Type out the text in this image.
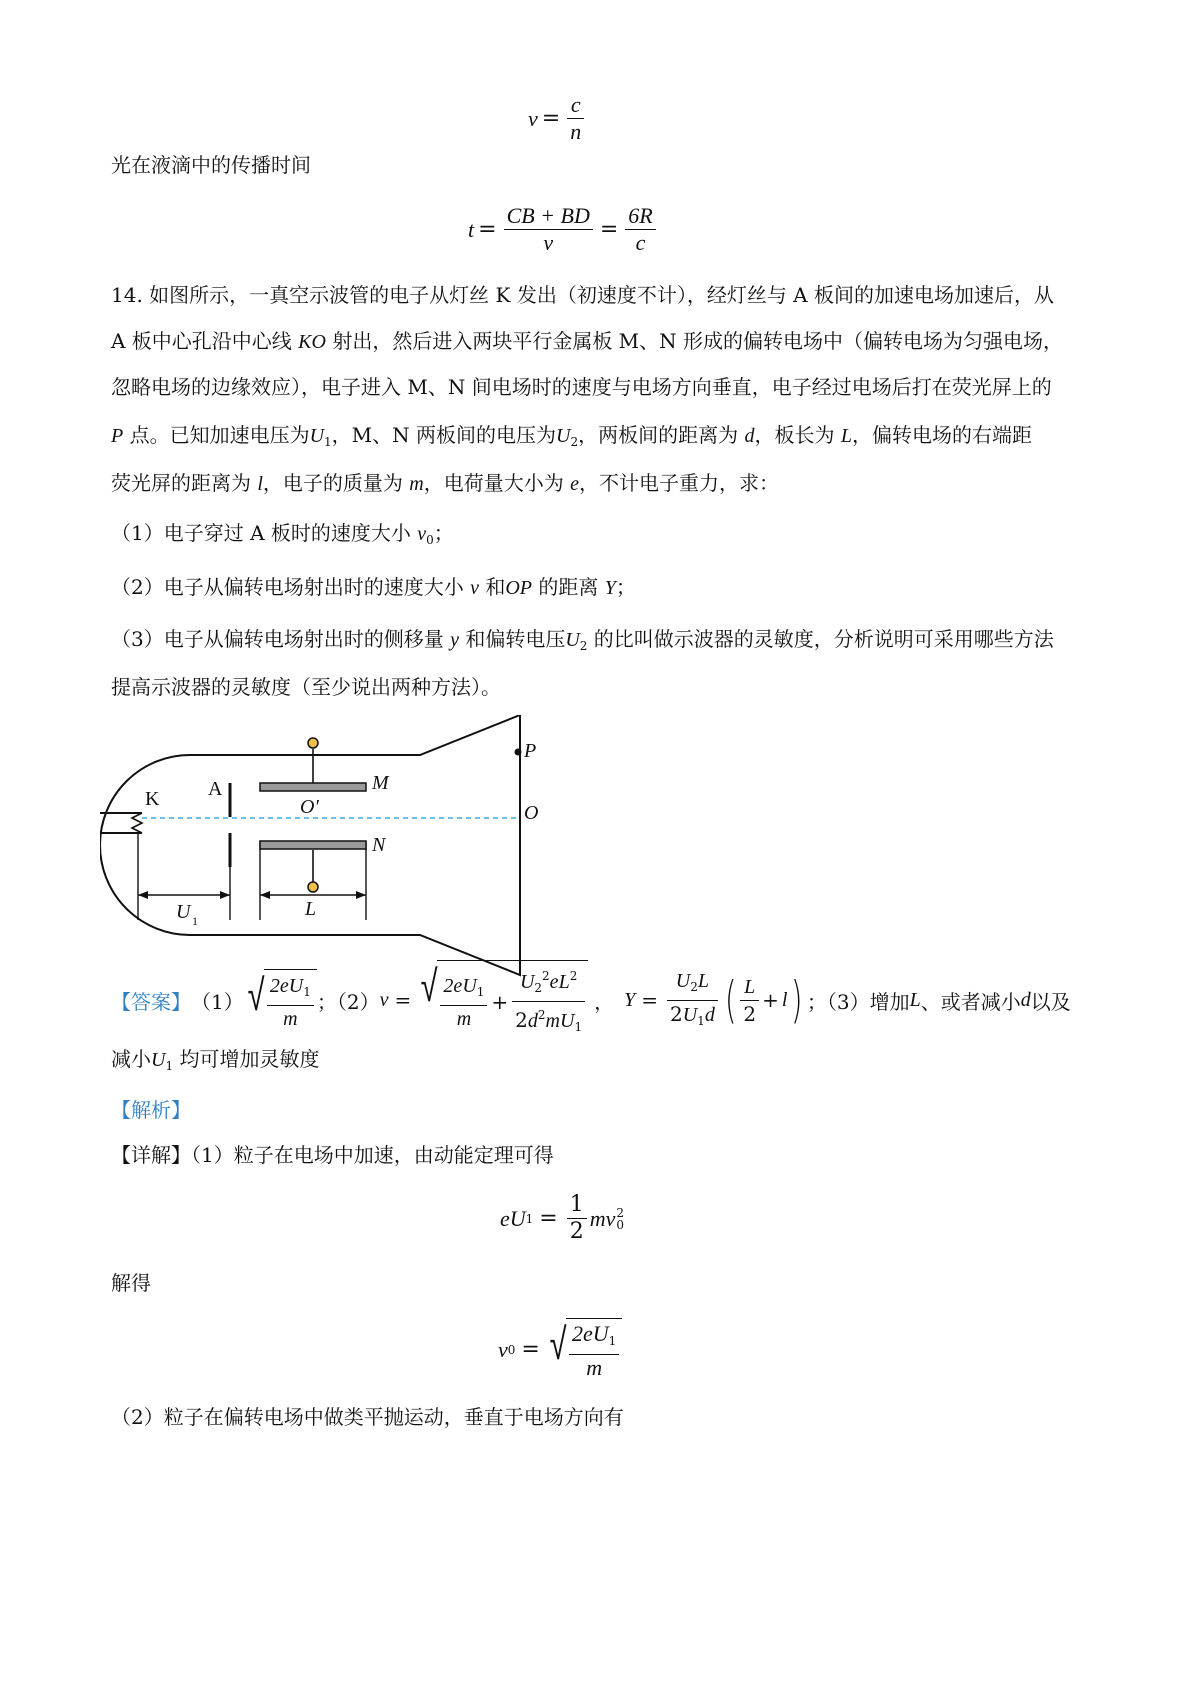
$v = \frac{c}{n}$
光在液滴中的传播时间
$t = \frac{CB + BD}{v} = \frac{6R}{c}$
14. 如图所示，一真空示波管的电子从灯丝 K 发出（初速度不计），经灯丝与 A 板间的加速电场加速后，从
A 板中心孔沿中心线 KO 射出，然后进入两块平行金属板 M、N 形成的偏转电场中（偏转电场为匀强电场，
忽略电场的边缘效应），电子进入 M、N 间电场时的速度与电场方向垂直，电子经过电场后打在荧光屏上的
P 点。已知加速电压为$U_1$，M、N 两板间的电压为$U_2$，两板间的距离为 d，板长为 L，偏转电场的右端距
荧光屏的距离为 l，电子的质量为 m，电荷量大小为 e，不计电子重力，求：
（1）电子穿过 A 板时的速度大小 $v_0$；
（2）电子从偏转电场射出时的速度大小 v 和OP 的距离 Y；
（3）电子从偏转电场射出时的侧移量 y 和偏转电压$U_2$ 的比叫做示波器的灵敏度，分析说明可采用哪些方法
提高示波器的灵敏度（至少说出两种方法）。
K A	M
N
O′	O
P
U 1
L
【答案】 （1） √ $\frac{2eU_1}{m}$ ；（2） v = √ $\frac{2eU_1}{m} + \frac{U_2^2eL^2}{2d^2mU_1}$ ， $Y = \frac{U_2L}{2U_1d}$ ( $\frac{L}{2} + l$ ) ；（3）增加 L 、或者减小 d 以及
减小$U_1$ 均可增加灵敏度
【解析】
【详解】（1）粒子在电场中加速，由动能定理可得
e U $1 = \frac{1}{2}$ m v 2
0
解得
v 0 = √ $\frac{2eU_1}{m}$
（2）粒子在偏转电场中做类平抛运动，垂直于电场方向有
